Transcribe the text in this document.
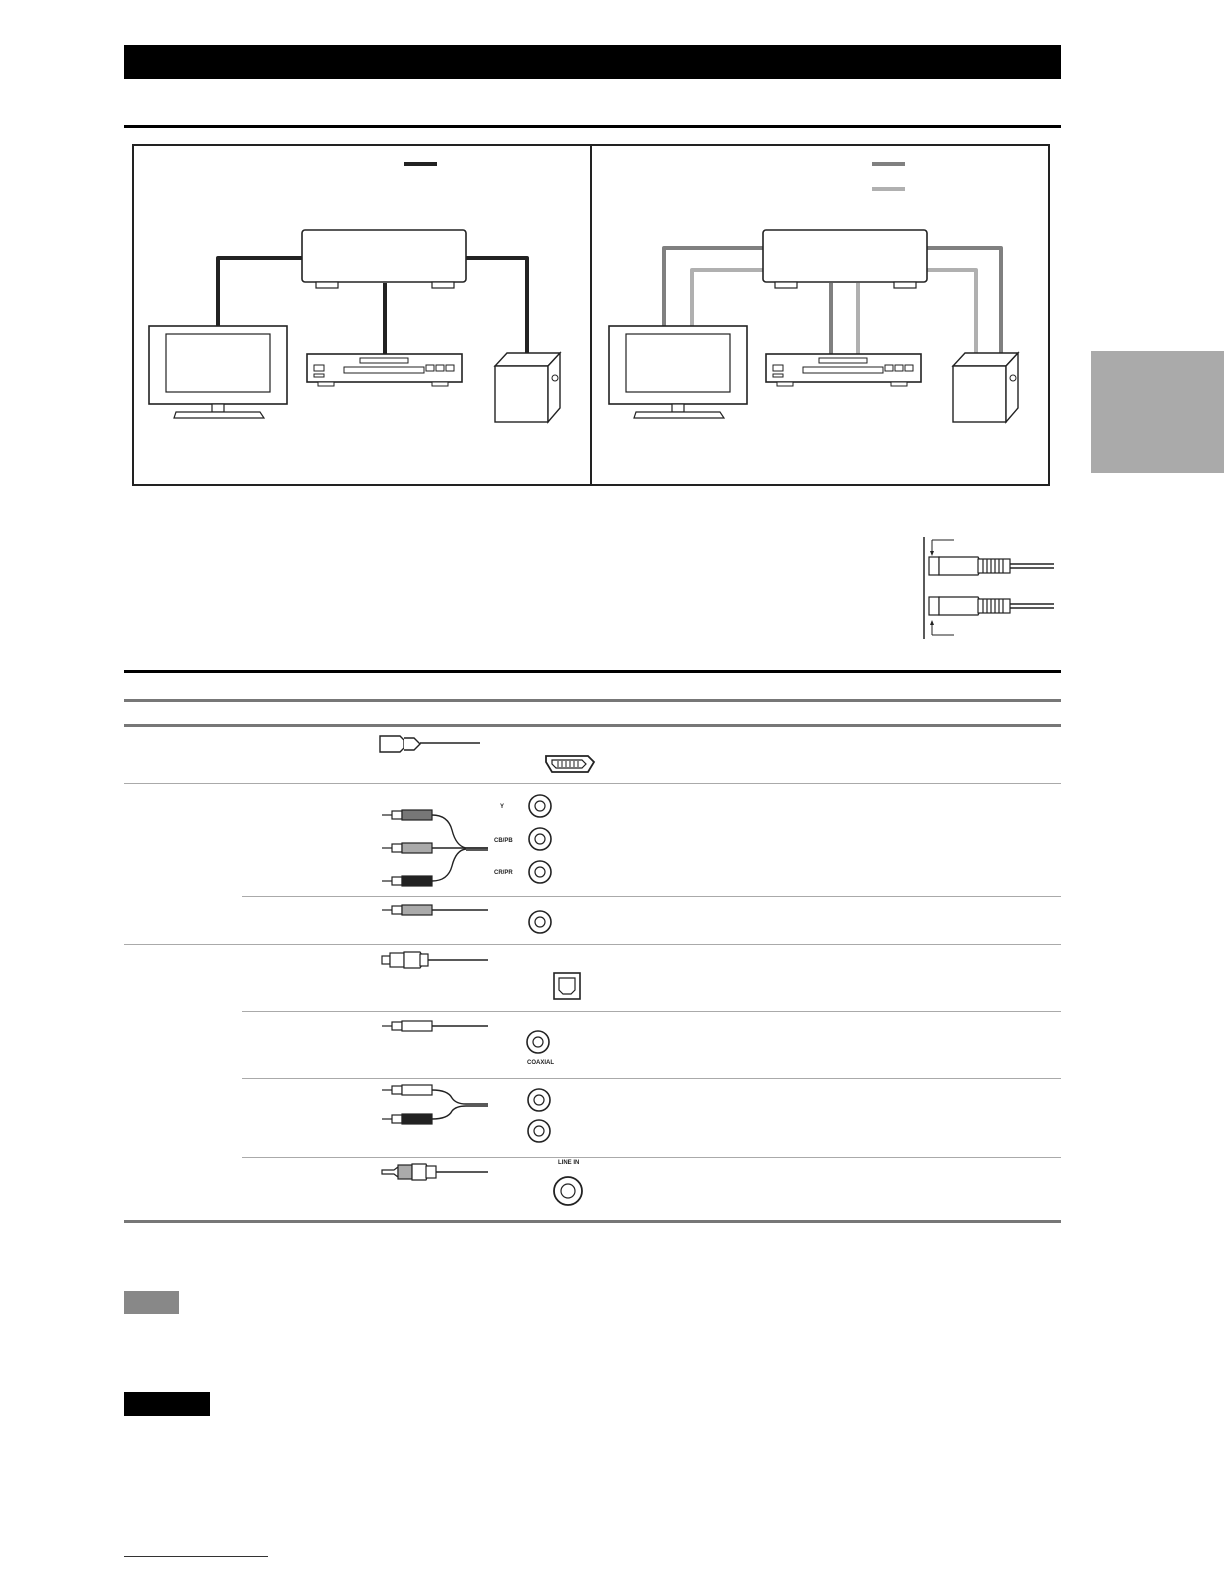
Y
CB/PB
CR/PR
COAXIAL
LINE IN
